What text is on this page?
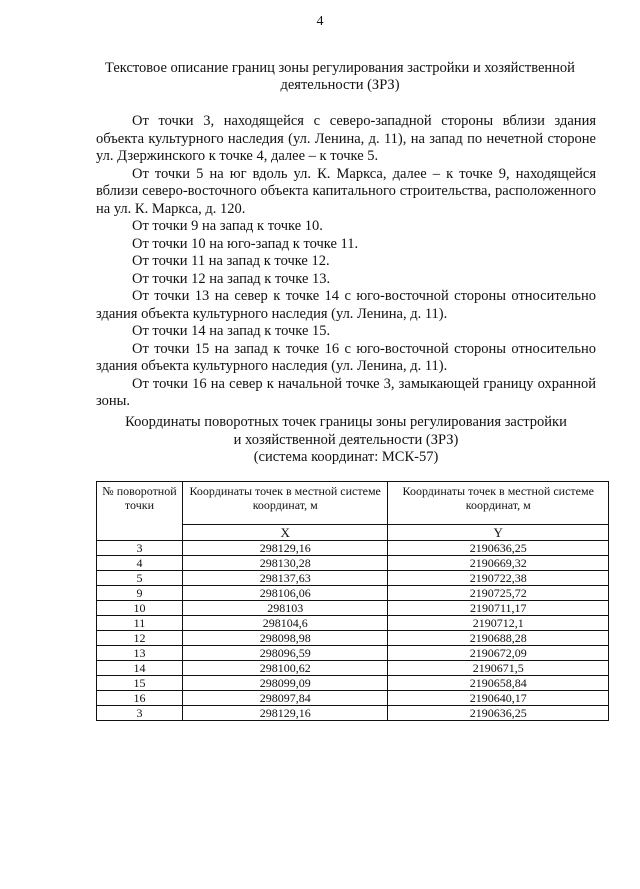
4
Текстовое описание границ зоны регулирования застройки и хозяйственной деятельности (ЗРЗ)

От точки 3, находящейся с северо-западной стороны вблизи здания объекта культурного наследия (ул. Ленина, д. 11), на запад по нечетной стороне ул. Дзержинского к точке 4, далее – к точке 5.

От точки 5 на юг вдоль ул. К. Маркса, далее – к точке 9, находящейся вблизи северо-восточного объекта капитального строительства, расположенного на ул. К. Маркса, д. 120.

От точки 9 на запад к точке 10.

От точки 10 на юго-запад к точке 11.

От точки 11 на запад к точке 12.

От точки 12 на запад к точке 13.

От точки 13 на север к точке 14 с юго-восточной стороны относительно здания объекта культурного наследия (ул. Ленина, д. 11).

От точки 14 на запад к точке 15.

От точки 15 на запад к точке 16 с юго-восточной стороны относительно здания объекта культурного наследия (ул. Ленина, д. 11).

От точки 16 на север к начальной точке 3, замыкающей границу охранной зоны.

Координаты поворотных точек границы зоны регулирования застройки
и хозяйственной деятельности (ЗРЗ)
(система координат: МСК-57)
№ поворотной точки	Координаты точек в местной системе координат, м	Координаты точек в местной системе координат, м
	X	Y
3	298129,16	2190636,25
4	298130,28	2190669,32
5	298137,63	2190722,38
9	298106,06	2190725,72
10	298103	2190711,17
11	298104,6	2190712,1
12	298098,98	2190688,28
13	298096,59	2190672,09
14	298100,62	2190671,5
15	298099,09	2190658,84
16	298097,84	2190640,17
3	298129,16	2190636,25
